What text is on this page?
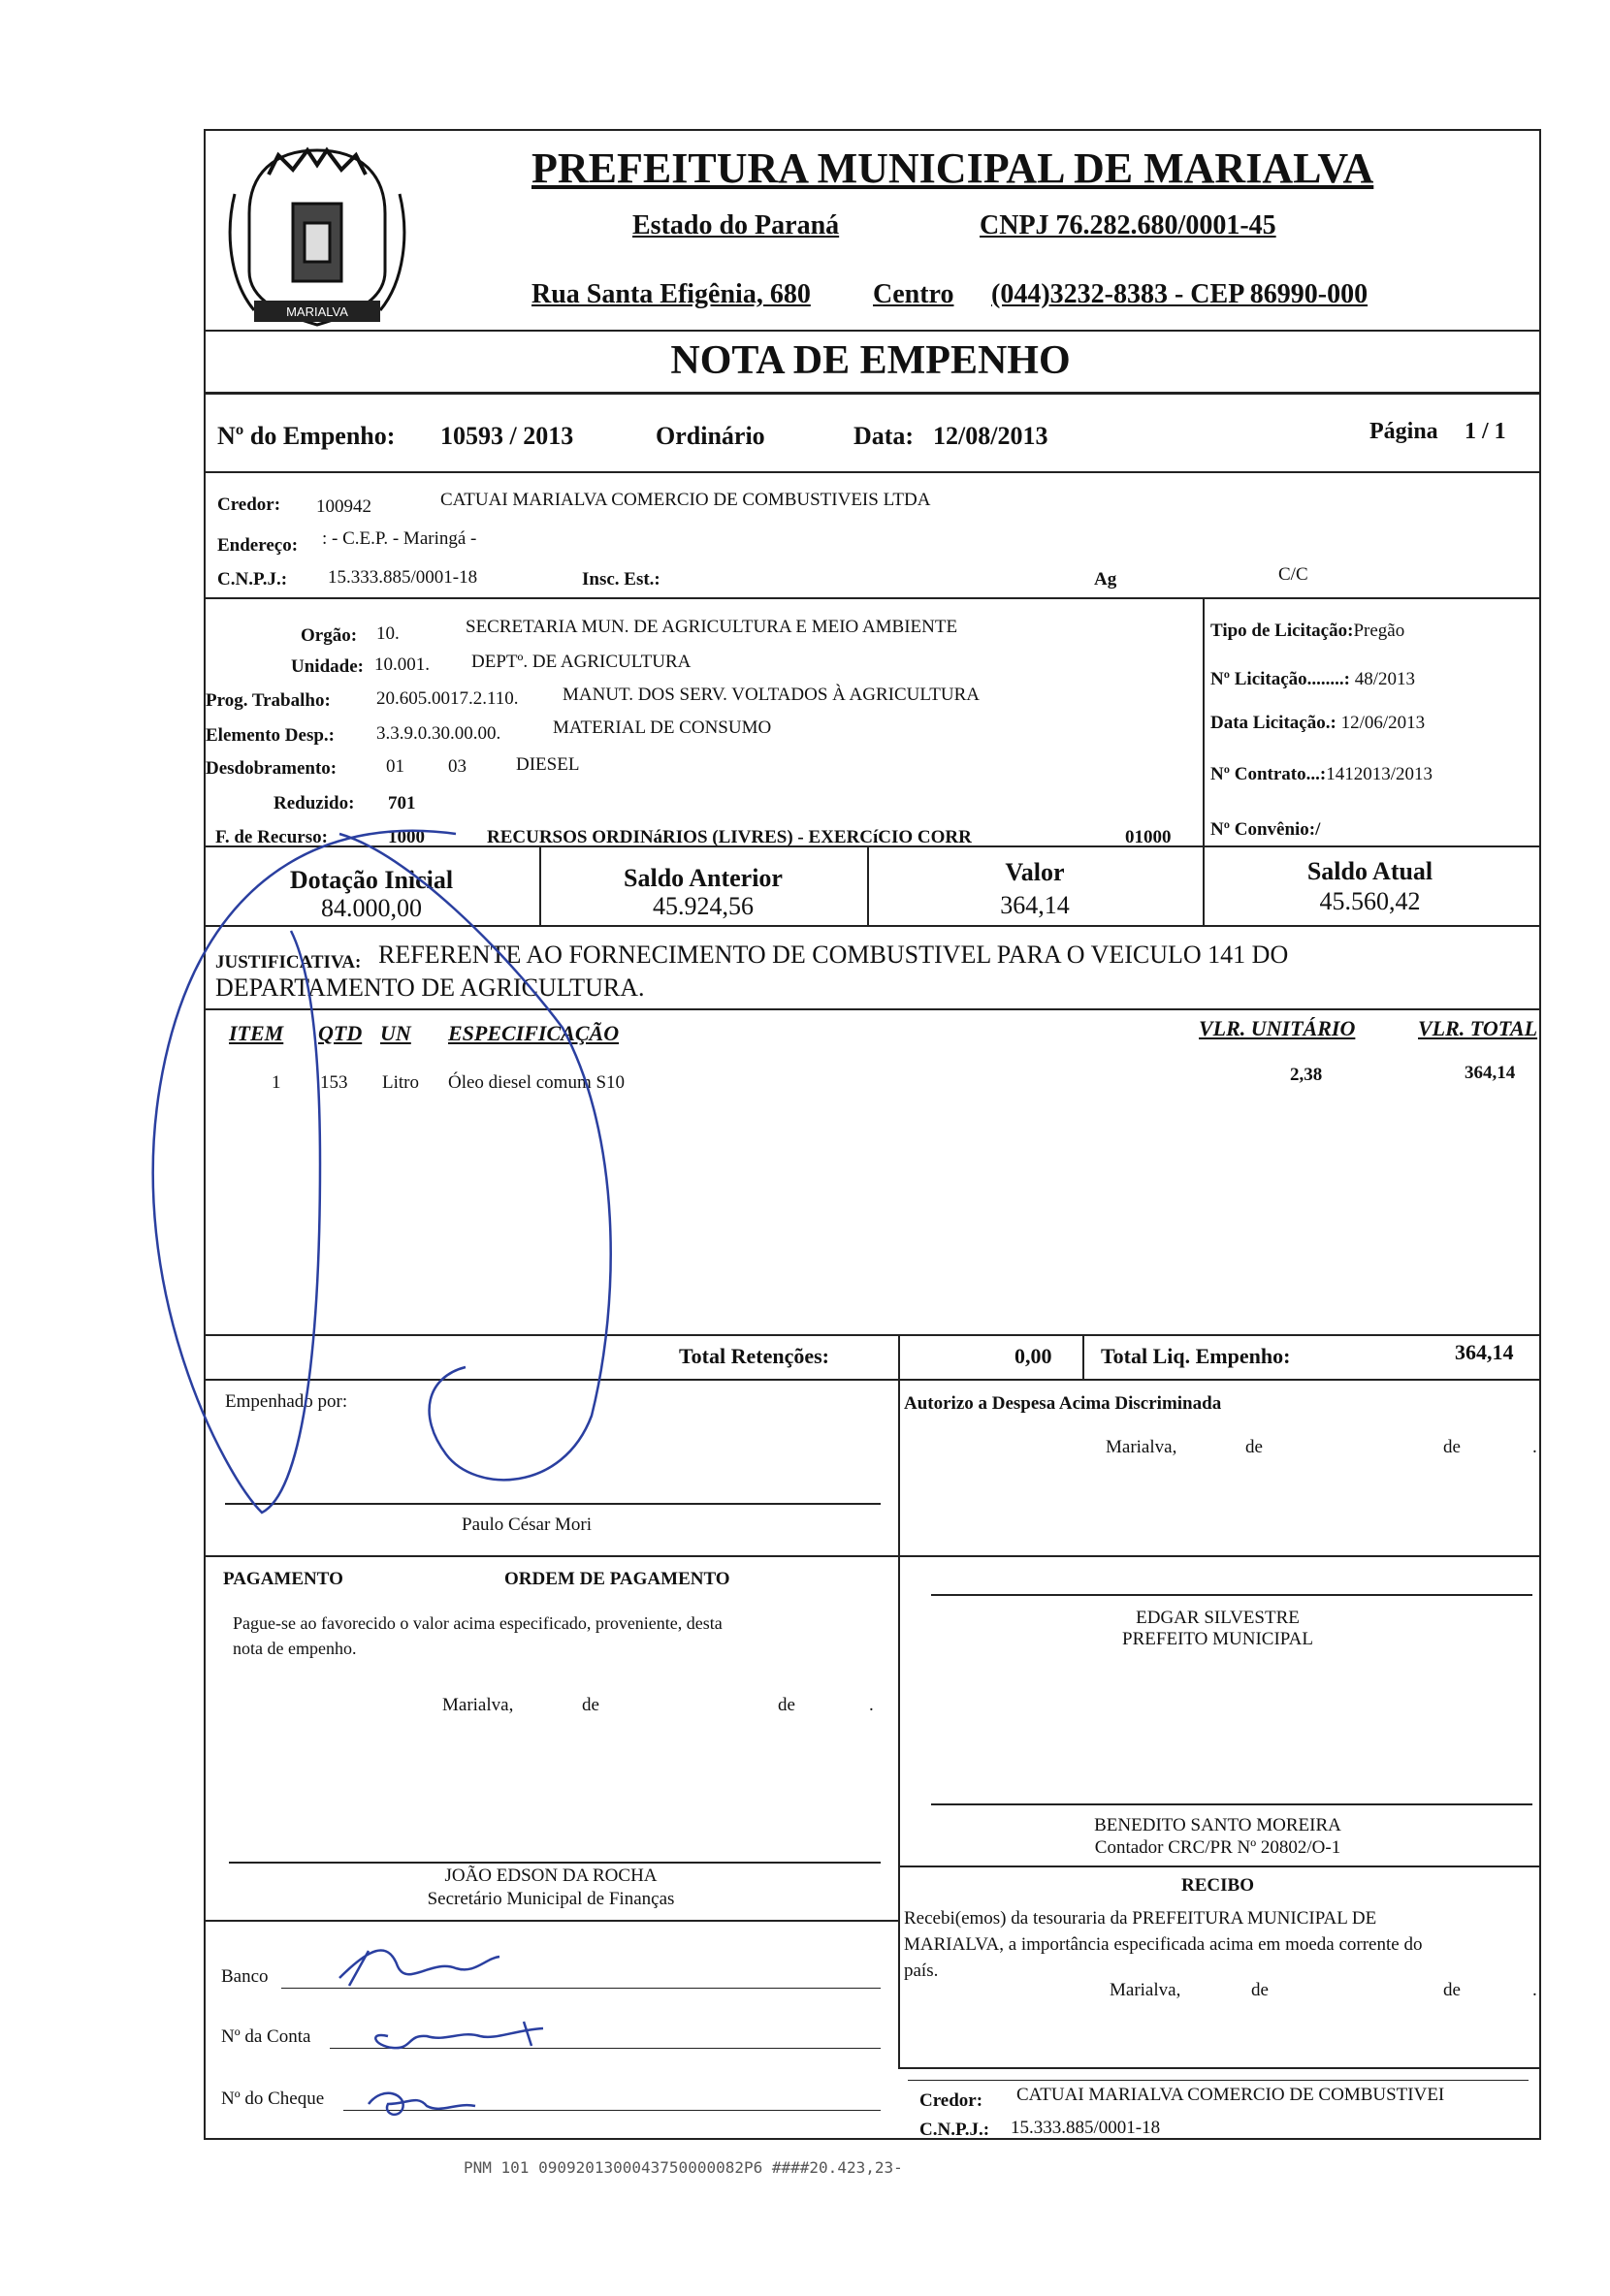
MARIALVA
PREFEITURA MUNICIPAL DE MARIALVA
Estado do Paraná	CNPJ 76.282.680/0001-45
Rua Santa Efigênia, 680 Centro (044)3232-8383 - CEP 86990-000
NOTA DE EMPENHO
Nº do Empenho: 10593 / 2013	Ordinário	Data: 12/08/2013	Página 1 / 1
Credor: 100942	CATUAI MARIALVA COMERCIO DE COMBUSTIVEIS LTDA
Endereço: : - C.E.P. - Maringá -
C.N.P.J.: 15.333.885/0001-18	Insc. Est.:	Ag	C/C
Orgão: 10.	SECRETARIA MUN. DE AGRICULTURA E MEIO AMBIENTE
Unidade: 10.001. DEPTº. DE AGRICULTURA
Prog. Trabalho: 20.605.0017.2.110. MANUT. DOS SERV. VOLTADOS À AGRICULTURA
Elemento Desp.: 3.3.9.0.30.00.00.	MATERIAL DE CONSUMO
Desdobramento:	01 03	DIESEL
Reduzido: 701
F. de Recurso:	1000	RECURSOS ORDINáRIOS (LIVRES) - EXERCíCIO CORR	01000
Tipo de Licitação:Pregão
Nº Licitação........: 48/2013
Data Licitação.: 12/06/2013
Nº Contrato...:1412013/2013
Nº Convênio:/
Dotação Inicial
84.000,00
Saldo Anterior
45.924,56
Valor
364,14
Saldo Atual
45.560,42
JUSTIFICATIVA: REFERENTE AO FORNECIMENTO DE COMBUSTIVEL PARA O VEICULO 141 DO
DEPARTAMENTO DE AGRICULTURA.
ITEM QTD UN ESPECIFICAÇÃO	VLR. UNITÁRIO	VLR. TOTAL
1 153 Litro Óleo diesel comum S10	2,38	364,14
Total Retenções:	0,00 Total Liq. Empenho:	364,14
Empenhado por:
Paulo César Mori
Autorizo a Despesa Acima Discriminada
Marialva,	de	de	.
PAGAMENTO	ORDEM DE PAGAMENTO
Pague-se ao favorecido o valor acima especificado, proveniente, desta
nota de empenho.
Marialva,	de	de	.
EDGAR SILVESTRE
PREFEITO MUNICIPAL
BENEDITO SANTO MOREIRA
Contador CRC/PR Nº 20802/O-1
JOÃO EDSON DA ROCHA
Secretário Municipal de Finanças
RECIBO
Recebi(emos) da tesouraria da PREFEITURA MUNICIPAL DE
MARIALVA, a importância especificada acima em moeda corrente do
país.
Marialva,	de	de	.
Banco
Nº da Conta
Nº do Cheque	Credor: CATUAI MARIALVA COMERCIO DE COMBUSTIVEI
C.N.P.J.: 15.333.885/0001-18
PNM 101 0909201300043750000082P6 ####20.423,23-
